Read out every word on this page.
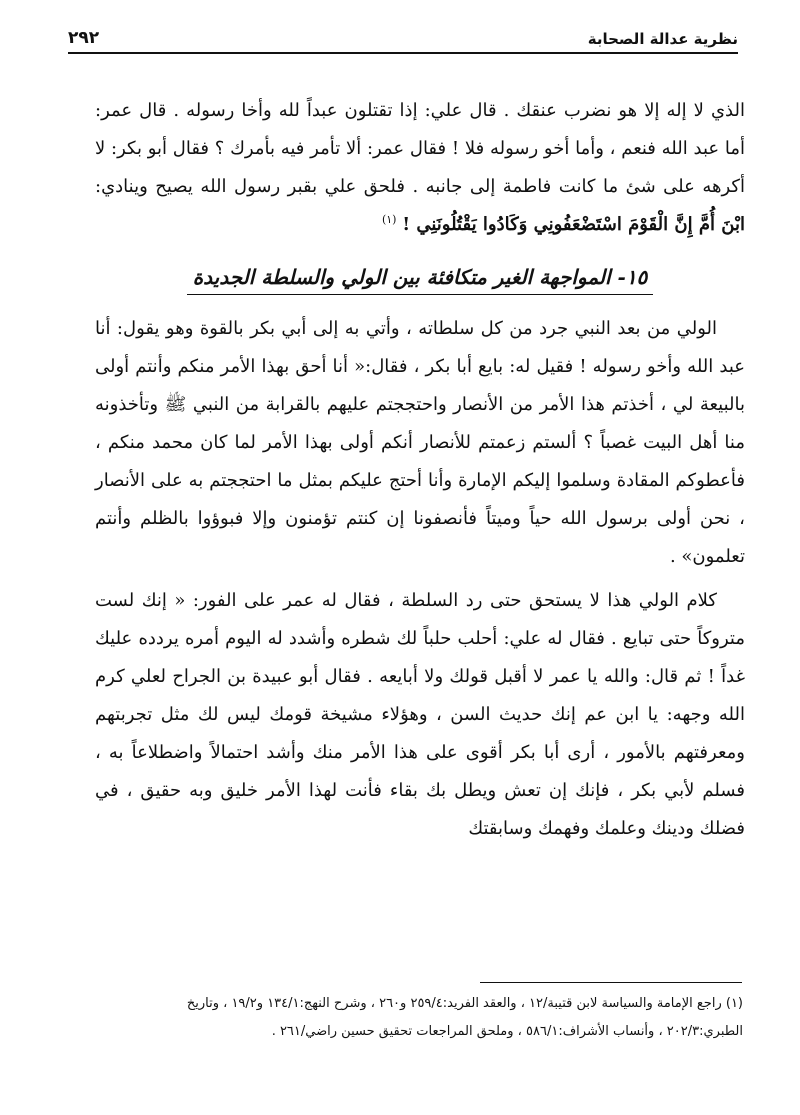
نظرية عدالة الصحابة
٢٩٢

الذي لا إله إلا هو نضرب عنقك . قال علي: إذا تقتلون عبداً لله وأخا رسوله . قال عمر: أما عبد الله فنعم ، وأما أخو رسوله فلا ! فقال عمر: ألا تأمر فيه بأمرك ؟ فقال أبو بكر: لا أكرهه على شئ ما كانت فاطمة إلى جانبه . فلحق علي بقبر رسول الله يصيح وينادي: ابْنَ أُمَّ إِنَّ الْقَوْمَ اسْتَضْعَفُونِي وَكَادُوا يَقْتُلُونَنِي ! $^{(١)}$

١٥- المواجهة الغير متكافئة بين الولي والسلطة الجديدة

الولي من بعد النبي جرد من كل سلطاته ، وأتي به إلى أبي بكر بالقوة وهو يقول: أنا عبد الله وأخو رسوله ! فقيل له: بايع أبا بكر ، فقال:« أنا أحق بهذا الأمر منكم وأنتم أولى بالبيعة لي ، أخذتم هذا الأمر من الأنصار واحتججتم عليهم بالقرابة من النبي ﷺ وتأخذونه منا أهل البيت غصباً ؟ ألستم زعمتم للأنصار أنكم أولى بهذا الأمر لما كان محمد منكم ، فأعطوكم المقادة وسلموا إليكم الإمارة وأنا أحتج عليكم بمثل ما احتججتم به على الأنصار ، نحن أولى برسول الله حياً وميتاً فأنصفونا إن كنتم تؤمنون وإلا فبوؤوا بالظلم وأنتم تعلمون» .

كلام الولي هذا لا يستحق حتى رد السلطة ، فقال له عمر على الفور: « إنك لست متروكاً حتى تبايع . فقال له علي: أحلب حلباً لك شطره وأشدد له اليوم أمره يردده عليك غداً ! ثم قال: والله يا عمر لا أقبل قولك ولا أبايعه . فقال أبو عبيدة بن الجراح لعلي كرم الله وجهه: يا ابن عم إنك حديث السن ، وهؤلاء مشيخة قومك ليس لك مثل تجربتهم ومعرفتهم بالأمور ، أرى أبا بكر أقوى على هذا الأمر منك وأشد احتمالاً واضطلاعاً به ، فسلم لأبي بكر ، فإنك إن تعش ويطل بك بقاء فأنت لهذا الأمر خليق وبه حقيق ، في فضلك ودينك وعلمك وفهمك وسابقتك

(١) راجع الإمامة والسياسة لابن قتيبة/١٢ ، والعقد الفريد:٢٥٩/٤ و٢٦٠ ، وشرح النهج:١٣٤/١ و١٩/٢ ، وتاريخ

الطبري:٢٠٢/٣ ، وأنساب الأشراف:٥٨٦/١ ، وملحق المراجعات تحقيق حسين راضي/٢٦١ .
